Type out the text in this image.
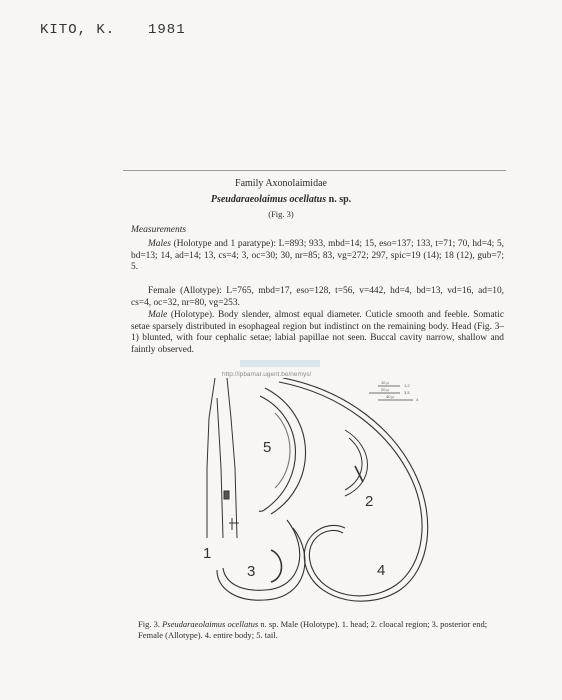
KITO, K. 1981
Family Axonolaimidae
Pseudaraeolaimus ocellatus n. sp.
(Fig. 3)
Measurements

Males (Holotype and 1 paratype): L=893; 933, mbd=14; 15, eso=137; 133, t=71; 70, hd=4; 5, bd=13; 14, ad=14; 13, cs=4; 3, oc=30; 30, nr=85; 83, vg=272; 297, spic=19 (14); 18 (12), gub=7; 5.

Female (Allotype): L=765, mbd=17, eso=128, t=56, v=442, hd=4, bd=13, vd=16, ad=10, cs=4, oc=32, nr=80, vg=253.

Male (Holotype). Body slender, almost equal diameter. Cuticle smooth and feeble. Somatic setae sparsely distributed in esophageal region but indistinct on the remaining body. Head (Fig. 3–1) blunted, with four cephalic setae; labial papillae not seen. Buccal cavity narrow, shallow and faintly observed.

http://ipbamar.ugent.be/nemys/
10 μ
20 μ
40 μ
1,2
3,5
4
1
2
3	4
5

Fig. 3. Pseudaraeolaimus ocellatus n. sp. Male (Holotype). 1. head; 2. cloacal region; 3. posterior end; Female (Allotype). 4. entire body; 5. tail.
